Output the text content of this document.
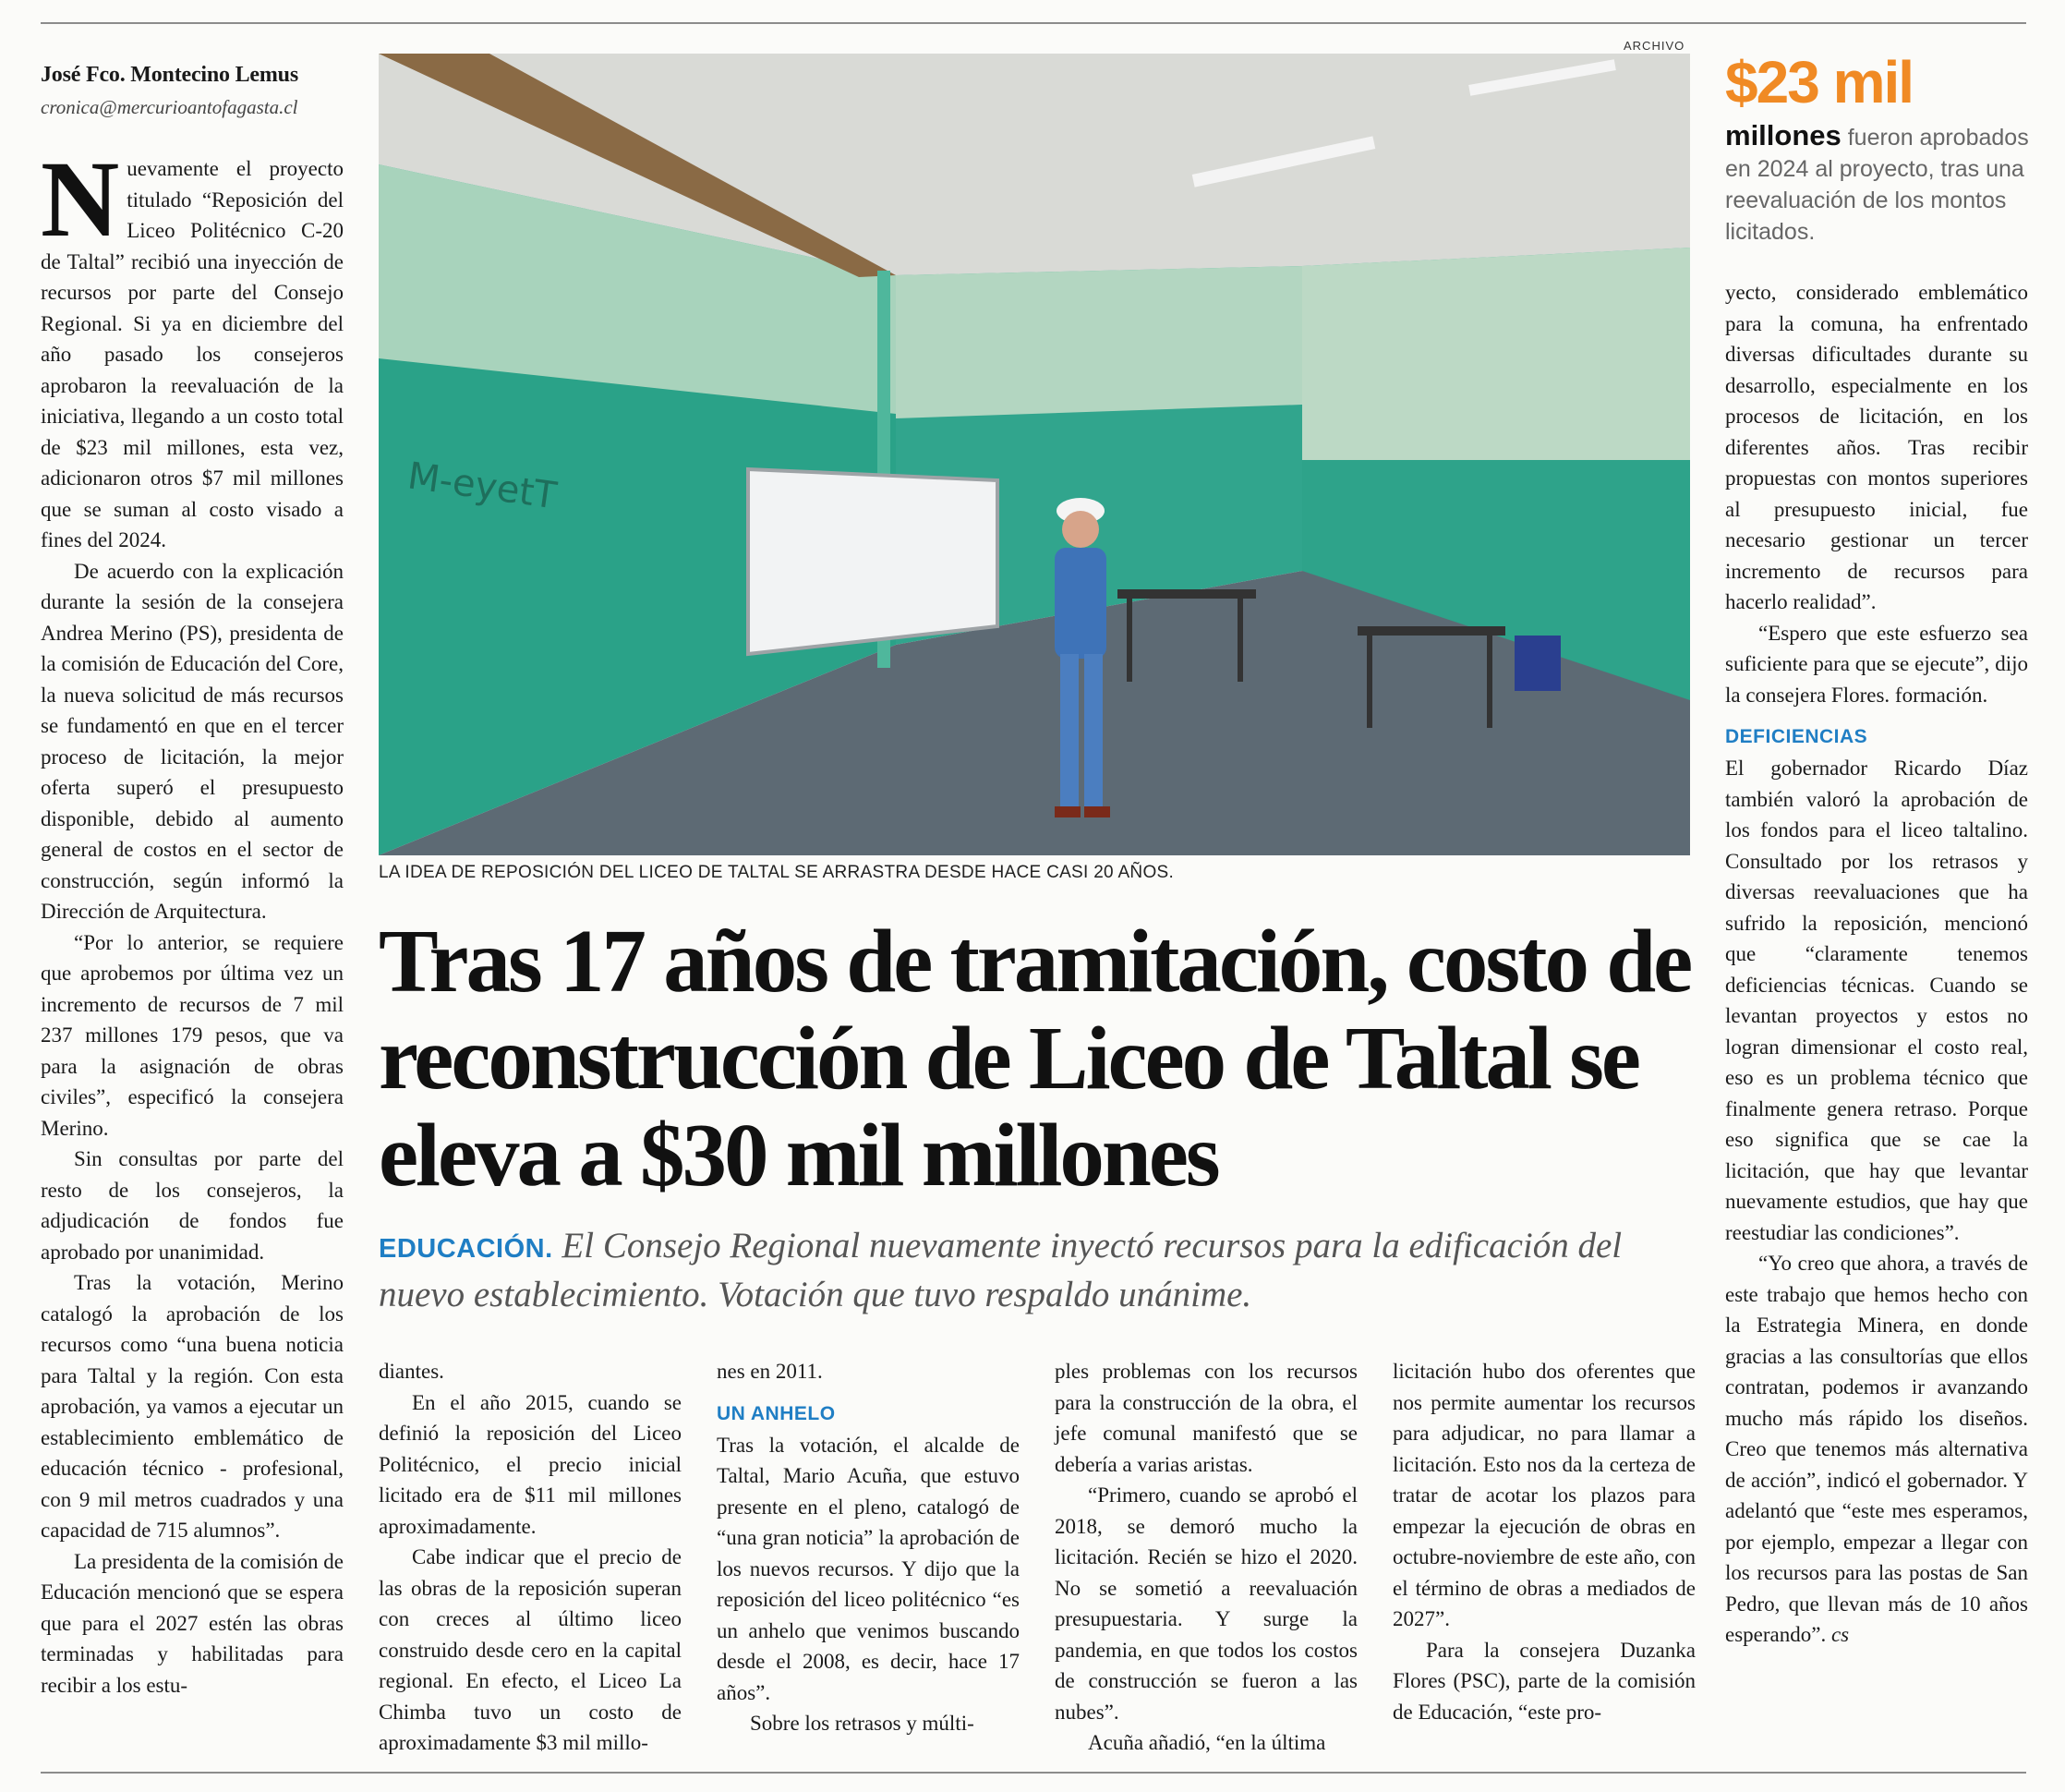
José Fco. Montecino Lemus
cronica@mercurioantofagasta.cl

Nuevamente el proyecto titulado “Reposición del Liceo Politécnico C-20 de Taltal” recibió una inyección de recursos por parte del Consejo Regional. Si ya en diciembre del año pasado los consejeros aprobaron la reevaluación de la iniciativa, llegando a un costo total de $23 mil millones, esta vez, adicionaron otros $7 mil millones que se suman al costo visado a fines del 2024.

De acuerdo con la explicación durante la sesión de la consejera Andrea Merino (PS), presidenta de la comisión de Educación del Core, la nueva solicitud de más recursos se fundamentó en que en el tercer proceso de licitación, la mejor oferta superó el presupuesto disponible, debido al aumento general de costos en el sector de construcción, según informó la Dirección de Arquitectura.

“Por lo anterior, se requiere que aprobemos por última vez un incremento de recursos de 7 mil 237 millones 179 pesos, que va para la asignación de obras civiles”, especificó la consejera Merino.

Sin consultas por parte del resto de los consejeros, la adjudicación de fondos fue aprobado por unanimidad.

Tras la votación, Merino catalogó la aprobación de los recursos como “una buena noticia para Taltal y la región. Con esta aprobación, ya vamos a ejecutar un establecimiento emblemático de educación técnico - profesional, con 9 mil metros cuadrados y una capacidad de 715 alumnos”.

La presidenta de la comisión de Educación mencionó que se espera que para el 2027 estén las obras terminadas y habilitadas para recibir a los estu-

ARCHIVO
M-eyetT
LA IDEA DE REPOSICIÓN DEL LICEO DE TALTAL SE ARRASTRA DESDE HACE CASI 20 AÑOS.
Tras 17 años de tramitación, costo de reconstrucción de Liceo de Taltal se eleva a $30 mil millones
EDUCACIÓN. El Consejo Regional nuevamente inyectó recursos para la edificación del nuevo establecimiento. Votación que tuvo respaldo unánime.

diantes.

En el año 2015, cuando se definió la reposición del Liceo Politécnico, el precio inicial licitado era de $11 mil millones aproximadamente.

Cabe indicar que el precio de las obras de la reposición superan con creces al último liceo construido desde cero en la capital regional. En efecto, el Liceo La Chimba tuvo un costo de aproximadamente $3 mil millo-

nes en 2011.

UN ANHELO

Tras la votación, el alcalde de Taltal, Mario Acuña, que estuvo presente en el pleno, catalogó de “una gran noticia” la aprobación de los nuevos recursos. Y dijo que la reposición del liceo politécnico “es un anhelo que venimos buscando desde el 2008, es decir, hace 17 años”.

Sobre los retrasos y múlti-

ples problemas con los recursos para la construcción de la obra, el jefe comunal manifestó que se debería a varias aristas.

“Primero, cuando se aprobó el 2018, se demoró mucho la licitación. Recién se hizo el 2020. No se sometió a reevaluación presupuestaria. Y surge la pandemia, en que todos los costos de construcción se fueron a las nubes”.

Acuña añadió, “en la última

licitación hubo dos oferentes que nos permite aumentar los recursos para adjudicar, no para llamar a licitación. Esto nos da la certeza de tratar de acotar los plazos para empezar la ejecución de obras en octubre-noviembre de este año, con el término de obras a mediados de 2027”.

Para la consejera Duzanka Flores (PSC), parte de la comisión de Educación, “este pro-

$23 mil
millones fueron aprobados en 2024 al proyecto, tras una reevaluación de los montos licitados.

yecto, considerado emblemático para la comuna, ha enfrentado diversas dificultades durante su desarrollo, especialmente en los procesos de licitación, en los diferentes años. Tras recibir propuestas con montos superiores al presupuesto inicial, fue necesario gestionar un tercer incremento de recursos para hacerlo realidad”.

“Espero que este esfuerzo sea suficiente para que se ejecute”, dijo la consejera Flores. formación.

DEFICIENCIAS

El gobernador Ricardo Díaz también valoró la aprobación de los fondos para el liceo taltalino. Consultado por los retrasos y diversas reevaluaciones que ha sufrido la reposición, mencionó que “claramente tenemos deficiencias técnicas. Cuando se levantan proyectos y estos no logran dimensionar el costo real, eso es un problema técnico que finalmente genera retraso. Porque eso significa que se cae la licitación, que hay que levantar nuevamente estudios, que hay que reestudiar las condiciones”.

“Yo creo que ahora, a través de este trabajo que hemos hecho con la Estrategia Minera, en donde gracias a las consultorías que ellos contratan, podemos ir avanzando mucho más rápido los diseños. Creo que tenemos más alternativa de acción”, indicó el gobernador. Y adelantó que “este mes esperamos, por ejemplo, empezar a llegar con los recursos para las postas de San Pedro, que llevan más de 10 años esperando”. cs
